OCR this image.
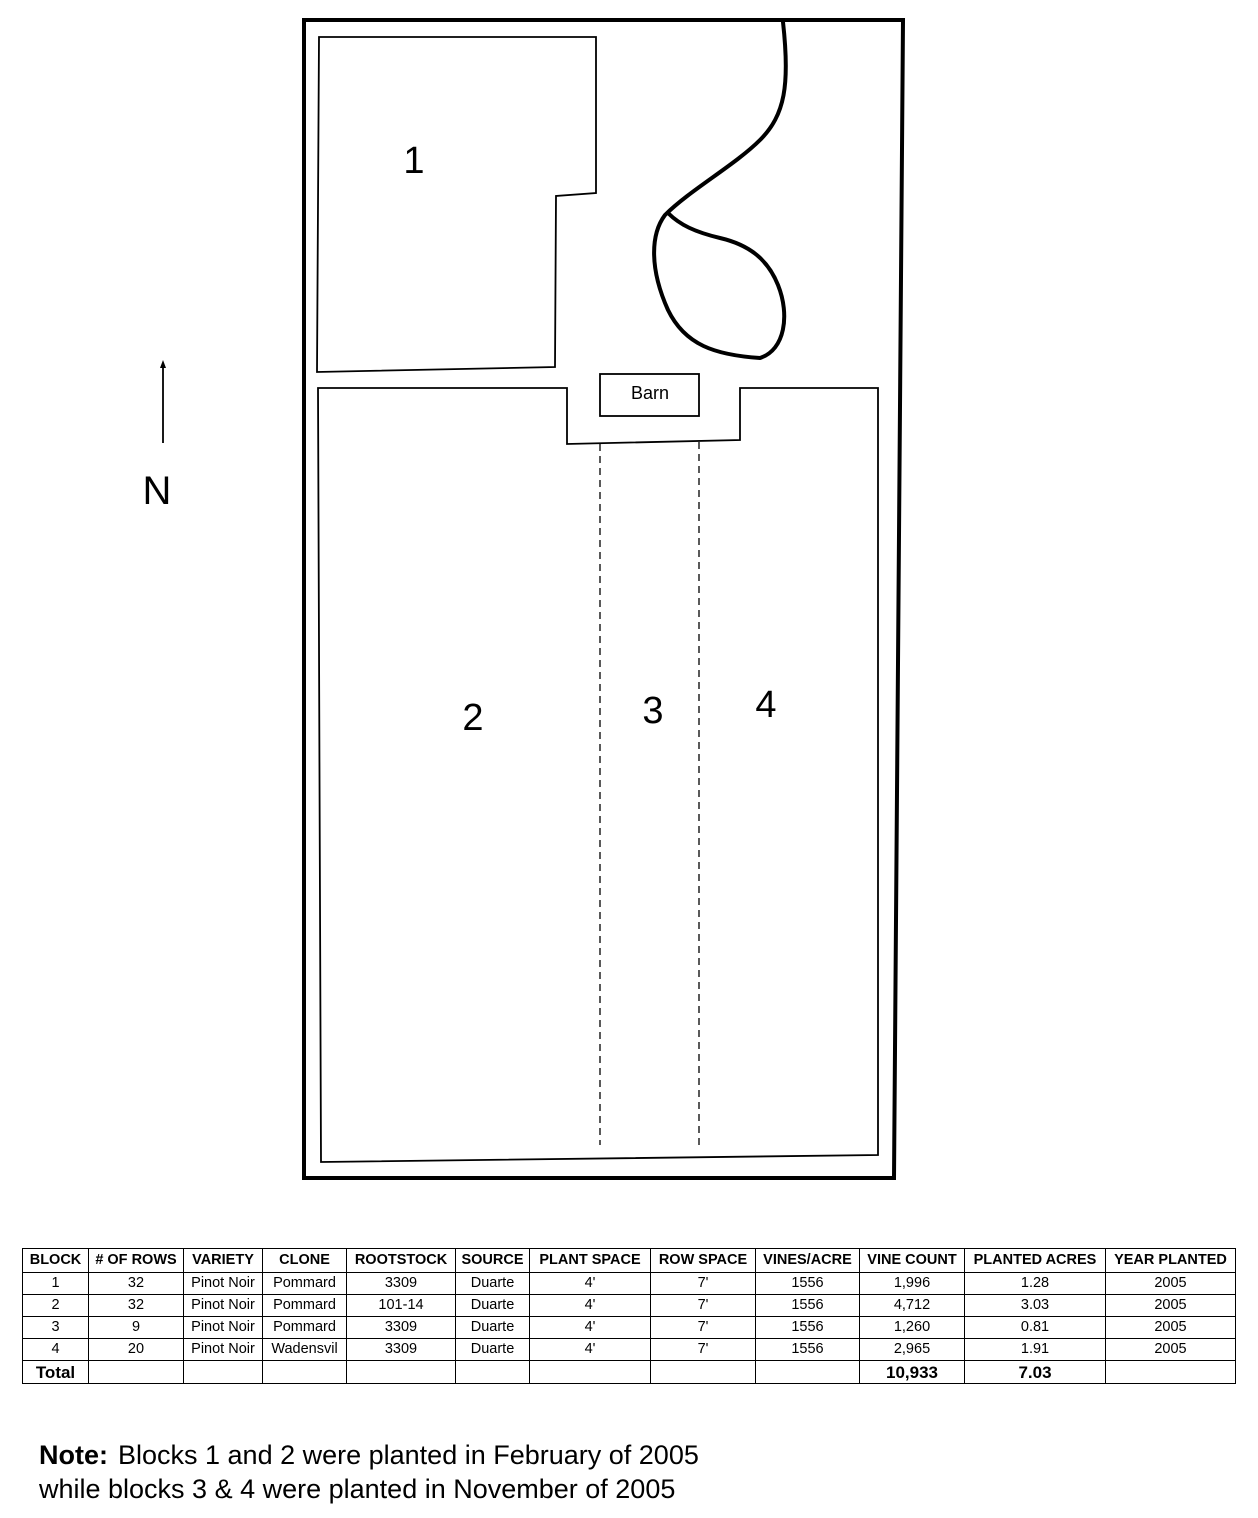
Barn
1
2	3 4
N
BLOCK	# OF ROWS	VARIETY	CLONE	ROOTSTOCK	SOURCE	PLANT SPACE	ROW SPACE	VINES/ACRE	VINE COUNT	PLANTED ACRES	YEAR PLANTED
1	32	Pinot Noir	Pommard	3309	Duarte	4'	7'	1556	1,996	1.28	2005
2	32	Pinot Noir	Pommard	101-14	Duarte	4'	7'	1556	4,712	3.03	2005
3	9	Pinot Noir	Pommard	3309	Duarte	4'	7'	1556	1,260	0.81	2005
4	20	Pinot Noir	Wadensvil	3309	Duarte	4'	7'	1556	2,965	1.91	2005
Total									10,933	7.03	
Note: Blocks 1 and 2 were planted in February of 2005
while blocks 3 & 4 were planted in November of 2005
